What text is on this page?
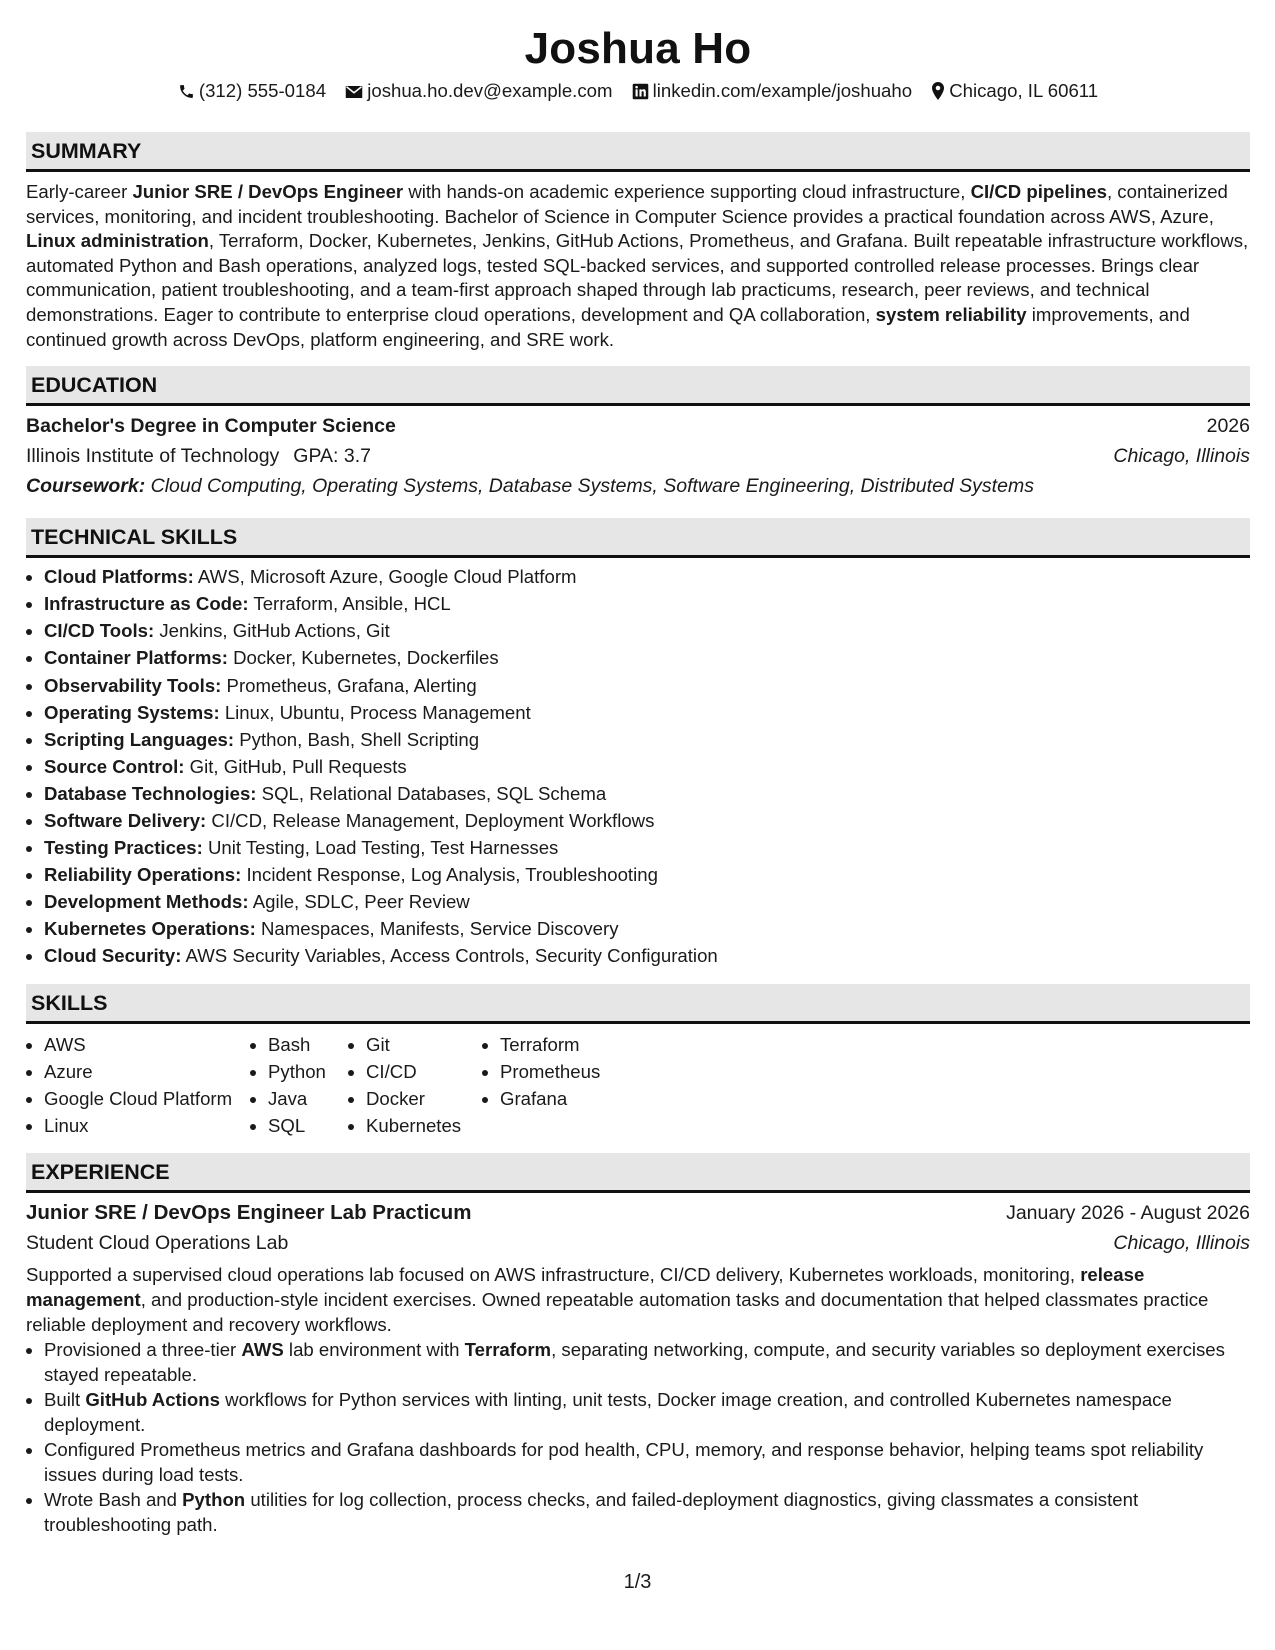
Joshua Ho
(312) 555-0184 joshua.ho.dev@example.com linkedin.com/example/joshuaho Chicago, IL 60611
SUMMARY
Early-career Junior SRE / DevOps Engineer with hands-on academic experience supporting cloud infrastructure, CI/CD pipelines, containerized services, monitoring, and incident troubleshooting. Bachelor of Science in Computer Science provides a practical foundation across AWS, Azure, Linux administration, Terraform, Docker, Kubernetes, Jenkins, GitHub Actions, Prometheus, and Grafana. Built repeatable infrastructure workflows, automated Python and Bash operations, analyzed logs, tested SQL-backed services, and supported controlled release processes. Brings clear communication, patient troubleshooting, and a team-first approach shaped through lab practicums, research, peer reviews, and technical demonstrations. Eager to contribute to enterprise cloud operations, development and QA collaboration, system reliability improvements, and continued growth across DevOps, platform engineering, and SRE work.
EDUCATION
Bachelor's Degree in Computer Science	2026
Illinois Institute of Technology GPA: 3.7	Chicago, Illinois
Coursework: Cloud Computing, Operating Systems, Database Systems, Software Engineering, Distributed Systems
TECHNICAL SKILLS
• Cloud Platforms: AWS, Microsoft Azure, Google Cloud Platform
• Infrastructure as Code: Terraform, Ansible, HCL
• CI/CD Tools: Jenkins, GitHub Actions, Git
• Container Platforms: Docker, Kubernetes, Dockerfiles
• Observability Tools: Prometheus, Grafana, Alerting
• Operating Systems: Linux, Ubuntu, Process Management
• Scripting Languages: Python, Bash, Shell Scripting
• Source Control: Git, GitHub, Pull Requests
• Database Technologies: SQL, Relational Databases, SQL Schema
• Software Delivery: CI/CD, Release Management, Deployment Workflows
• Testing Practices: Unit Testing, Load Testing, Test Harnesses
• Reliability Operations: Incident Response, Log Analysis, Troubleshooting
• Development Methods: Agile, SDLC, Peer Review
• Kubernetes Operations: Namespaces, Manifests, Service Discovery
• Cloud Security: AWS Security Variables, Access Controls, Security Configuration
SKILLS
• AWS
• Azure
• Google Cloud Platform
• Linux
• Bash
• Python
• Java
• SQL
• Git
• CI/CD
• Docker
• Kubernetes
• Terraform
• Prometheus
• Grafana
EXPERIENCE
Junior SRE / DevOps Engineer Lab Practicum	January 2026 - August 2026
Student Cloud Operations Lab	Chicago, Illinois
Supported a supervised cloud operations lab focused on AWS infrastructure, CI/CD delivery, Kubernetes workloads, monitoring, release management, and production-style incident exercises. Owned repeatable automation tasks and documentation that helped classmates practice reliable deployment and recovery workflows.
• Provisioned a three-tier AWS lab environment with Terraform, separating networking, compute, and security variables so deployment exercises stayed repeatable.
• Built GitHub Actions workflows for Python services with linting, unit tests, Docker image creation, and controlled Kubernetes namespace deployment.
• Configured Prometheus metrics and Grafana dashboards for pod health, CPU, memory, and response behavior, helping teams spot reliability issues during load tests.
• Wrote Bash and Python utilities for log collection, process checks, and failed-deployment diagnostics, giving classmates a consistent troubleshooting path.
1/3
